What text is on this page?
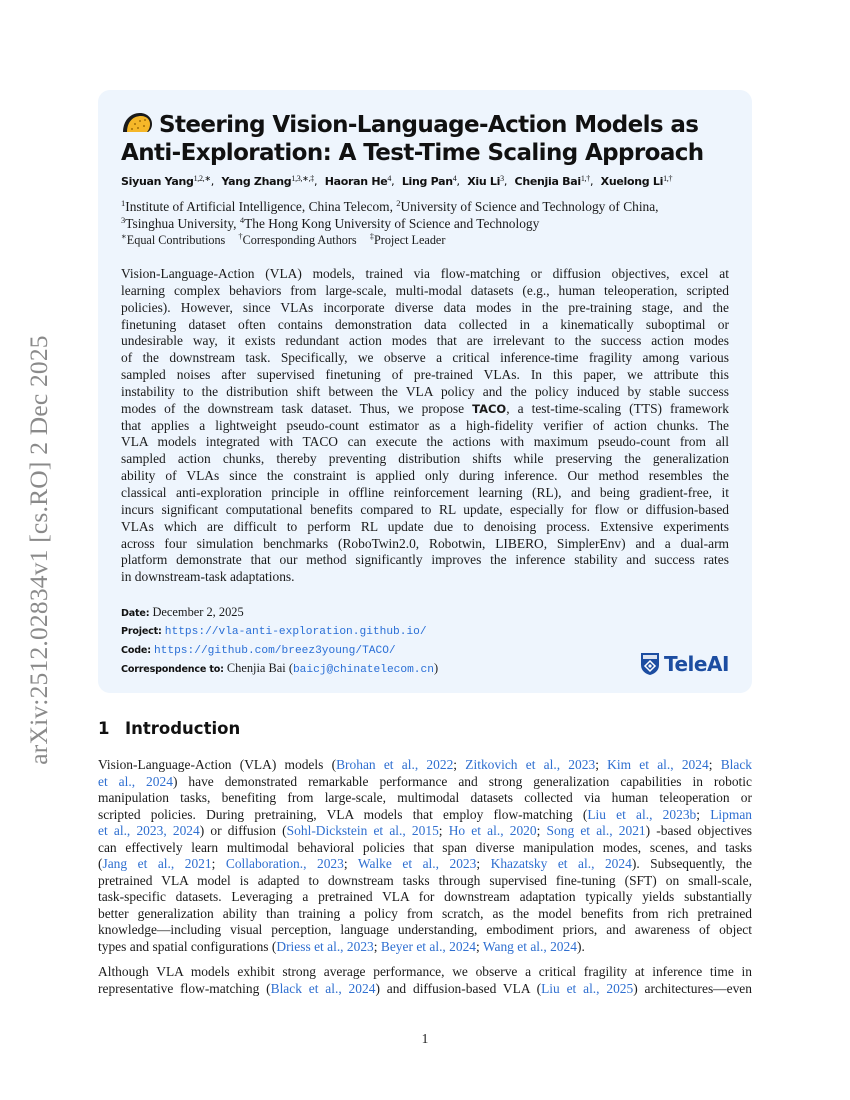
arXiv:2512.02834v1 [cs.RO] 2 Dec 2025
Steering Vision-Language-Action Models as
Anti-Exploration: A Test-Time Scaling Approach
Siyuan Yang$^{1,2,∗}$, Yang Zhang$^{1,3,∗,\ddagger}$, Haoran He$^4$, Ling Pan$^4$, Xiu Li$^3$, Chenjia Bai$^{1,\dagger}$, Xuelong $Li^{1,\dagger}$
$^1$Institute of Artificial Intelligence, China Telecom, $^2$University of Science and Technology of China,
$^3$Tsinghua University, $^4$The Hong Kong University of Science and Technology
∗Equal Contributions †Corresponding Authors ‡Project Leader
Vision-Language-Action (VLA) models, trained via flow-matching or diffusion objectives, excel at
learning complex behaviors from large-scale, multi-modal datasets (e.g., human teleoperation, scripted
policies). However, since VLAs incorporate diverse data modes in the pre-training stage, and the
finetuning dataset often contains demonstration data collected in a kinematically suboptimal or
undesirable way, it exists redundant action modes that are irrelevant to the success action modes
of the downstream task. Specifically, we observe a critical inference-time fragility among various
sampled noises after supervised finetuning of pre-trained VLAs. In this paper, we attribute this
instability to the distribution shift between the VLA policy and the policy induced by stable success
modes of the downstream task dataset. Thus, we propose TACO, a test-time-scaling (TTS) framework
that applies a lightweight pseudo-count estimator as a high-fidelity verifier of action chunks. The
VLA models integrated with TACO can execute the actions with maximum pseudo-count from all
sampled action chunks, thereby preventing distribution shifts while preserving the generalization
ability of VLAs since the constraint is applied only during inference. Our method resembles the
classical anti-exploration principle in offline reinforcement learning (RL), and being gradient-free, it
incurs significant computational benefits compared to RL update, especially for flow or diffusion-based
VLAs which are difficult to perform RL update due to denoising process. Extensive experiments
across four simulation benchmarks (RoboTwin2.0, Robotwin, LIBERO, SimplerEnv) and a dual-arm
platform demonstrate that our method significantly improves the inference stability and success rates
in downstream-task adaptations.
Date: December 2, 2025
Project: https://vla-anti-exploration.github.io/
Code: https://github.com/breez3young/TACO/
Correspondence to: Chenjia Bai (baicj@chinatelecom.cn)	TeleAI
1 Introduction
Vision-Language-Action (VLA) models (Brohan et al., 2022; Zitkovich et al., 2023; Kim et al., 2024; Black
et al., 2024) have demonstrated remarkable performance and strong generalization capabilities in robotic
manipulation tasks, benefiting from large-scale, multimodal datasets collected via human teleoperation or
scripted policies. During pretraining, VLA models that employ flow-matching (Liu et al., 2023b; Lipman
et al., 2023, 2024) or diffusion (Sohl-Dickstein et al., 2015; Ho et al., 2020; Song et al., 2021) -based objectives
can effectively learn multimodal behavioral policies that span diverse manipulation modes, scenes, and tasks
(Jang et al., 2021; Collaboration., 2023; Walke et al., 2023; Khazatsky et al., 2024). Subsequently, the
pretrained VLA model is adapted to downstream tasks through supervised fine-tuning (SFT) on small-scale,
task-specific datasets. Leveraging a pretrained VLA for downstream adaptation typically yields substantially
better generalization ability than training a policy from scratch, as the model benefits from rich pretrained
knowledge—including visual perception, language understanding, embodiment priors, and awareness of object
types and spatial configurations (Driess et al., 2023; Beyer et al., 2024; Wang et al., 2024).
Although VLA models exhibit strong average performance, we observe a critical fragility at inference time in
representative flow-matching (Black et al., 2024) and diffusion-based VLA (Liu et al., 2025) architectures—even
1
